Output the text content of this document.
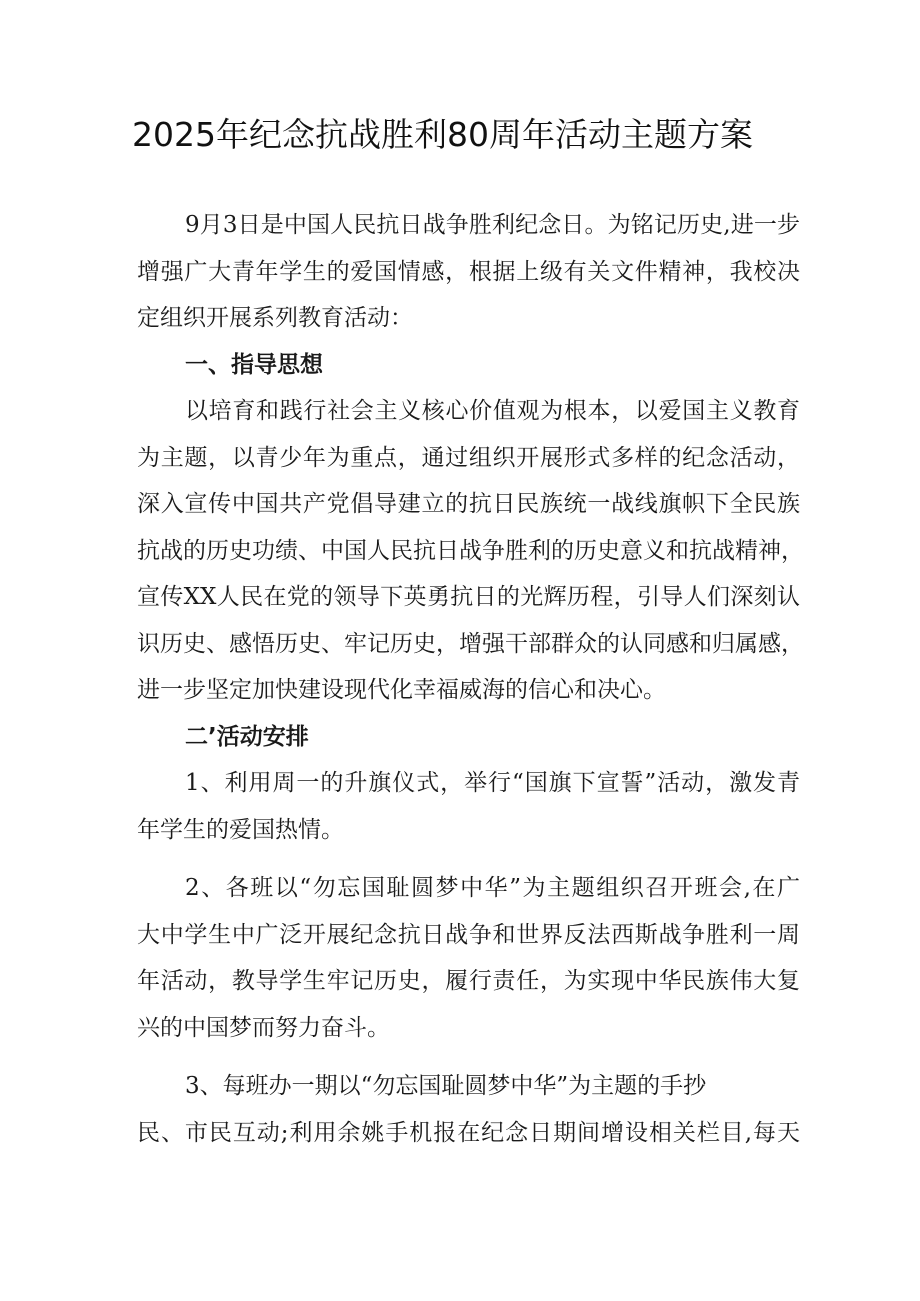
2025年纪念抗战胜利80周年活动主题方案
9月3日是中国人民抗日战争胜利纪念日。为铭记历史,进一步
增强广大青年学生的爱国情感，根据上级有关文件精神，我校决
定组织开展系列教育活动：
一、指导思想
以培育和践行社会主义核心价值观为根本，以爱国主义教育
为主题，以青少年为重点，通过组织开展形式多样的纪念活动，
深入宣传中国共产党倡导建立的抗日民族统一战线旗帜下全民族
抗战的历史功绩、中国人民抗日战争胜利的历史意义和抗战精神，
宣传XX人民在党的领导下英勇抗日的光辉历程，引导人们深刻认
识历史、感悟历史、牢记历史，增强干部群众的认同感和归属感，
进一步坚定加快建设现代化幸福威海的信心和决心。
二’活动安排
1、利用周一的升旗仪式，举行“国旗下宣誓”活动，激发青
年学生的爱国热情。
2、各班以“勿忘国耻圆梦中华”为主题组织召开班会,在广
大中学生中广泛开展纪念抗日战争和世界反法西斯战争胜利一周
年活动，教导学生牢记历史，履行责任，为实现中华民族伟大复
兴的中国梦而努力奋斗。
3、每班办一期以“勿忘国耻圆梦中华”为主题的手抄
民、市民互动;利用余姚手机报在纪念日期间增设相关栏目,每天
